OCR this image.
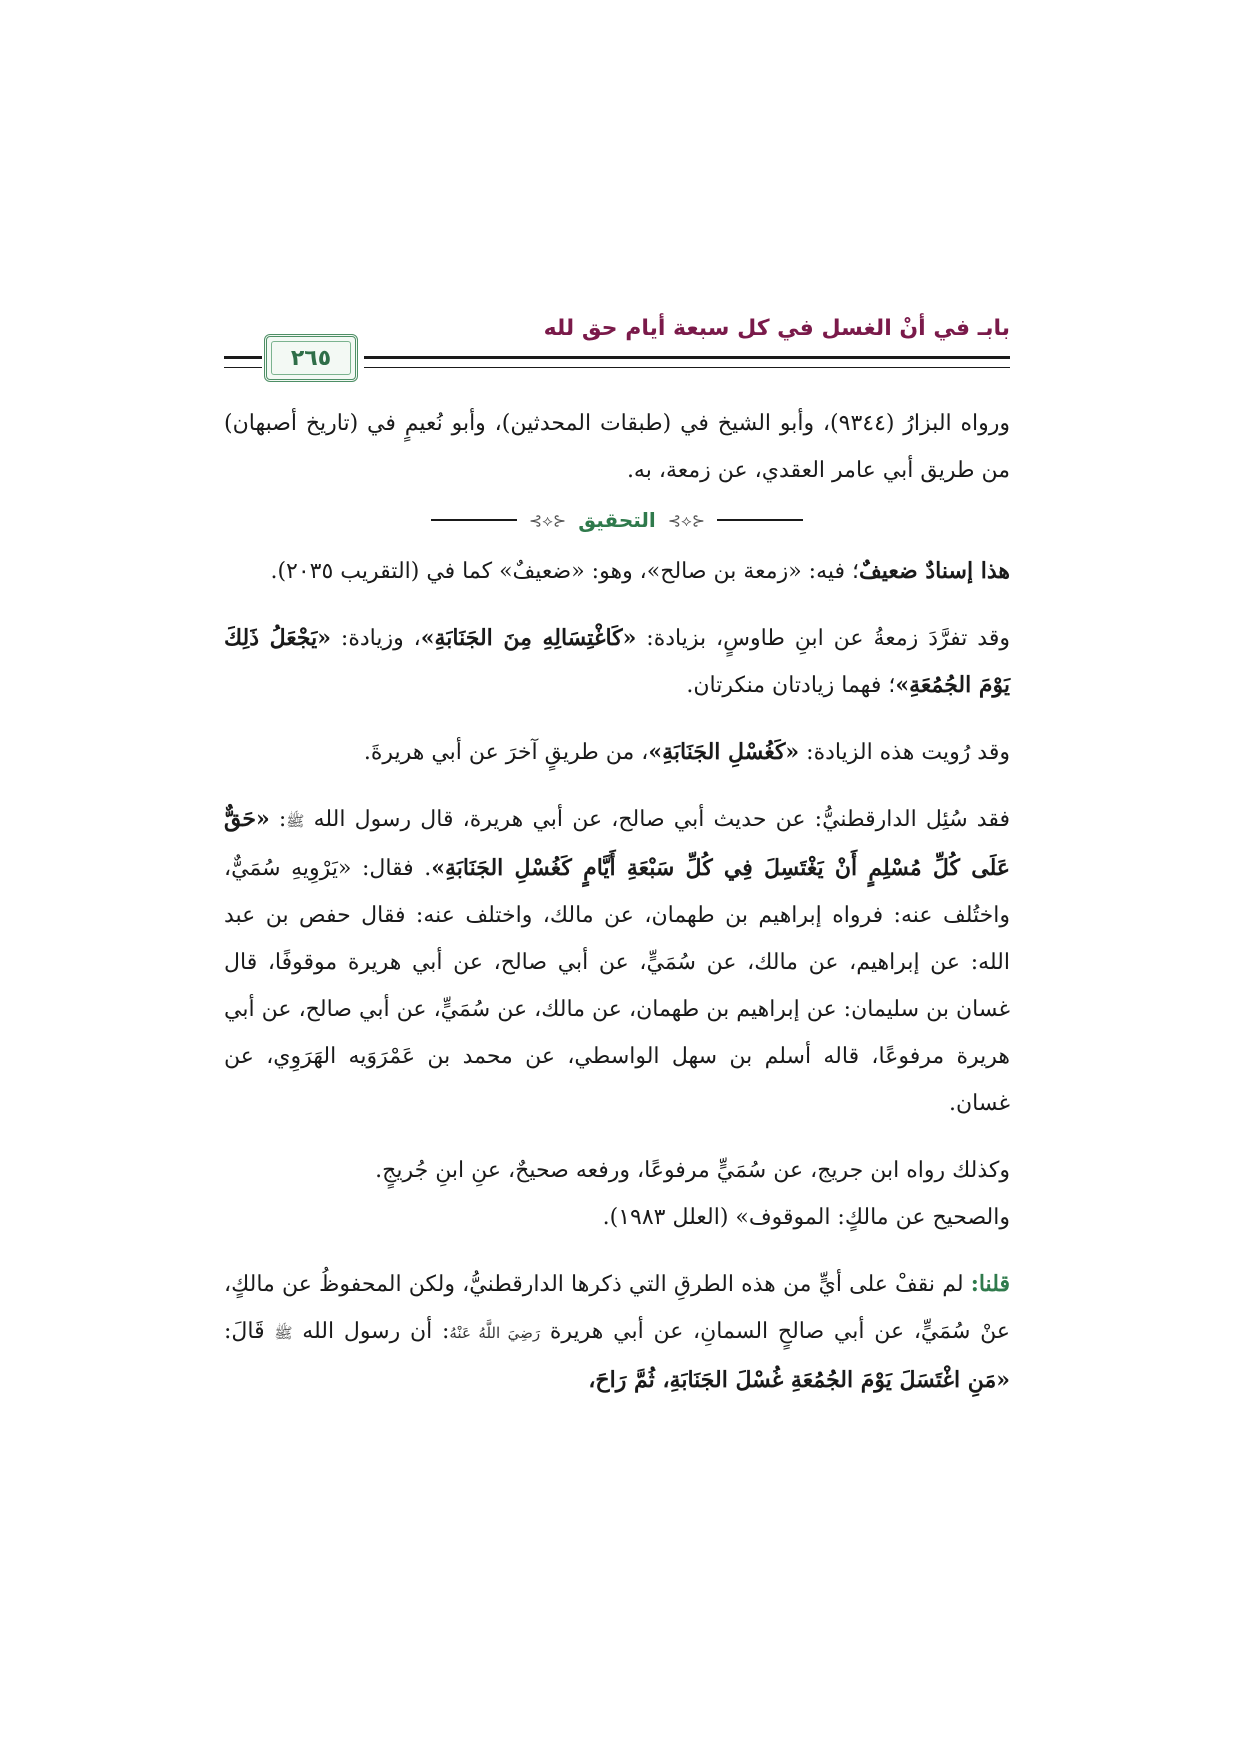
بابـ في أنْ الغسل في كل سبعة أيام حق لله
٢٦٥

ورواه البزارُ (٩٣٤٤)، وأبو الشيخ في (طبقات المحدثين)، وأبو نُعيمٍ في (تاريخ أصبهان) من طريق أبي عامر العقدي، عن زمعة، به.

⊰⟡⊱
التحقيق
⊰⟡⊱

هذا إسنادٌ ضعيفٌ؛ فيه: «زمعة بن صالح»، وهو: «ضعيفٌ» كما في (التقريب ٢٠٣٥).

وقد تفرَّدَ زمعةُ عن ابنِ طاوسٍ، بزيادة: «كَاغْتِسَالِهِ مِنَ الجَنَابَةِ»، وزيادة: «يَجْعَلُ ذَلِكَ يَوْمَ الجُمُعَةِ»؛ فهما زيادتان منكرتان.

وقد رُويت هذه الزيادة: «كَغُسْلِ الجَنَابَةِ»، من طريقٍ آخرَ عن أبي هريرةَ.

فقد سُئِل الدارقطنيُّ: عن حديث أبي صالح، عن أبي هريرة، قال رسول الله ﷺ: «حَقٌّ عَلَى كُلِّ مُسْلِمٍ أَنْ يَغْتَسِلَ فِي كُلِّ سَبْعَةِ أَيَّامٍ كَغُسْلِ الجَنَابَةِ». فقال: «يَرْوِيهِ سُمَيٌّ، واختُلف عنه: فرواه إبراهيم بن طهمان، عن مالك، واختلف عنه: فقال حفص بن عبد الله: عن إبراهيم، عن مالك، عن سُمَيٍّ، عن أبي صالح، عن أبي هريرة موقوفًا، قال غسان بن سليمان: عن إبراهيم بن طهمان، عن مالك، عن سُمَيٍّ، عن أبي صالح، عن أبي هريرة مرفوعًا، قاله أسلم بن سهل الواسطي، عن محمد بن عَمْرَوَيه الهَرَوِي، عن غسان.

وكذلك رواه ابن جريج، عن سُمَيٍّ مرفوعًا، ورفعه صحيحٌ، عنِ ابنِ جُريجٍ.

والصحيح عن مالكٍ: الموقوف» (العلل ١٩٨٣).

قلنا: لم نقفْ على أيٍّ من هذه الطرقِ التي ذكرها الدارقطنيُّ، ولكن المحفوظُ عن مالكٍ، عنْ سُمَيٍّ، عن أبي صالحٍ السمانِ، عن أبي هريرة رَضِيَ اللَّهُ عَنْهُ: أن رسول الله ﷺ قَالَ: «مَنِ اغْتَسَلَ يَوْمَ الجُمُعَةِ غُسْلَ الجَنَابَةِ، ثُمَّ رَاحَ،
